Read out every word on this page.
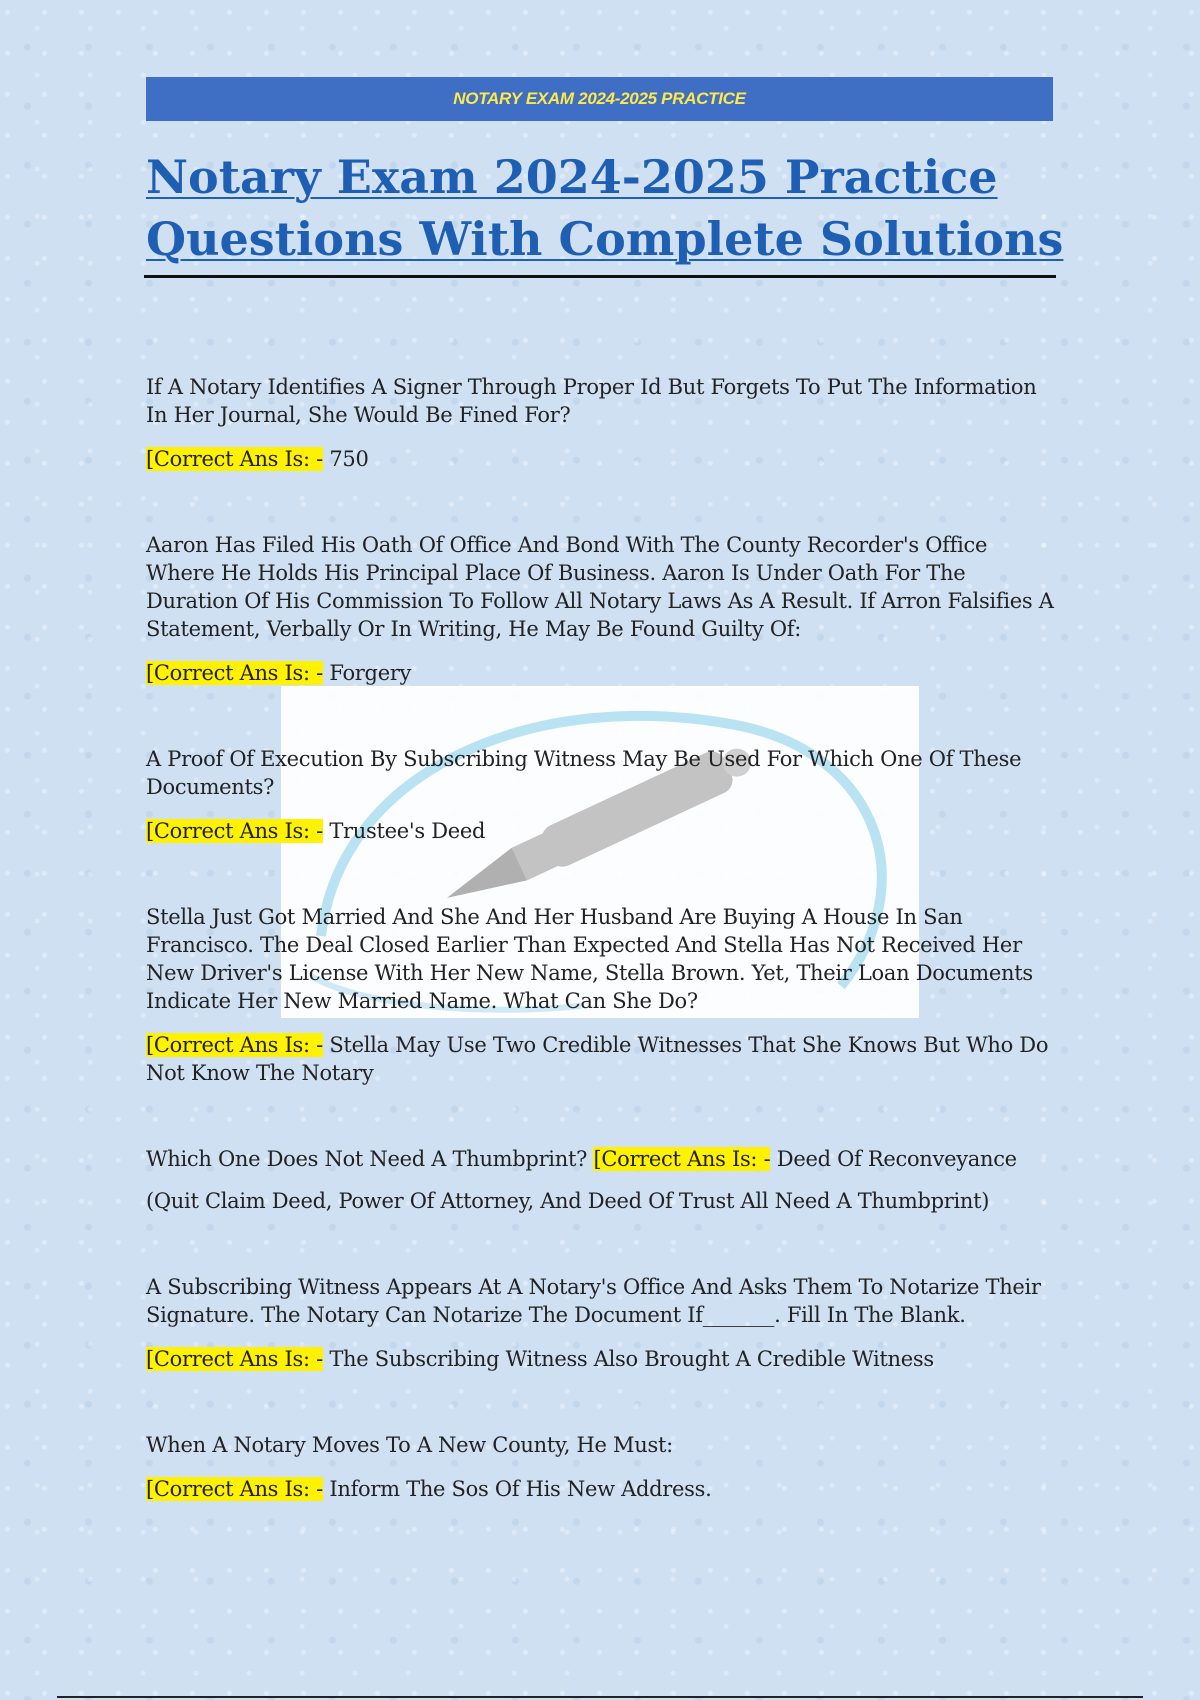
NOTARY EXAM 2024-2025 PRACTICE
Notary Exam 2024-2025 Practice Questions With Complete Solutions

If A Notary Identifies A Signer Through Proper Id But Forgets To Put The Information In Her Journal, She Would Be Fined For?

[Correct Ans Is: - 750

Aaron Has Filed His Oath Of Office And Bond With The County Recorder's Office Where He Holds His Principal Place Of Business. Aaron Is Under Oath For The Duration Of His Commission To Follow All Notary Laws As A Result. If Arron Falsifies A Statement, Verbally Or In Writing, He May Be Found Guilty Of:

[Correct Ans Is: - Forgery

A Proof Of Execution By Subscribing Witness May Be Used For Which One Of These Documents?

[Correct Ans Is: - Trustee's Deed

Stella Just Got Married And She And Her Husband Are Buying A House In San Francisco. The Deal Closed Earlier Than Expected And Stella Has Not Received Her New Driver's License With Her New Name, Stella Brown. Yet, Their Loan Documents Indicate Her New Married Name. What Can She Do?

[Correct Ans Is: - Stella May Use Two Credible Witnesses That She Knows But Who Do Not Know The Notary

Which One Does Not Need A Thumbprint? [Correct Ans Is: - Deed Of Reconveyance

(Quit Claim Deed, Power Of Attorney, And Deed Of Trust All Need A Thumbprint)

A Subscribing Witness Appears At A Notary's Office And Asks Them To Notarize Their Signature. The Notary Can Notarize The Document If_______. Fill In The Blank.

[Correct Ans Is: - The Subscribing Witness Also Brought A Credible Witness

When A Notary Moves To A New County, He Must:

[Correct Ans Is: - Inform The Sos Of His New Address.
